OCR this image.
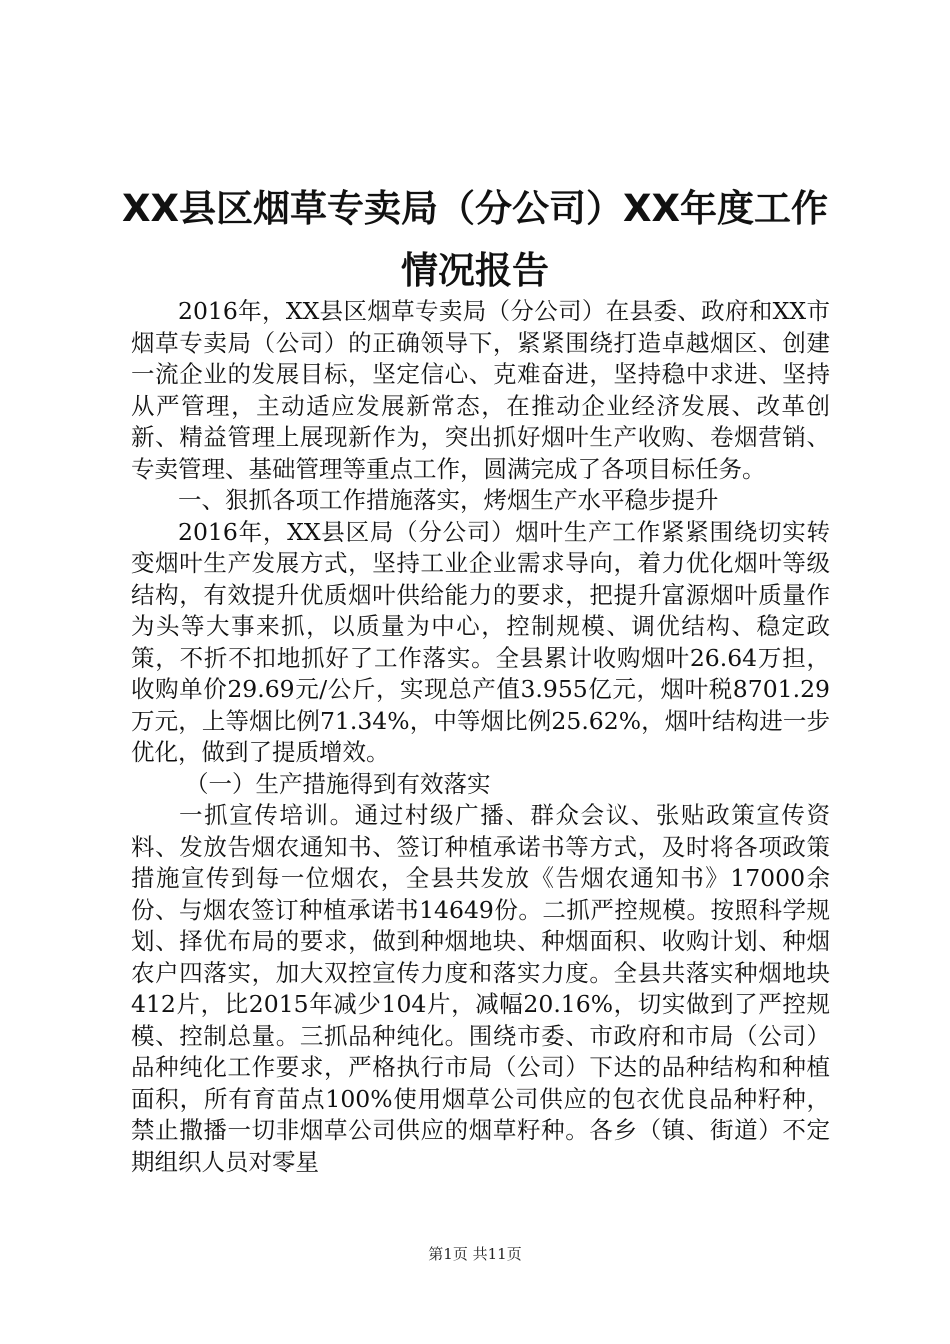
XX县区烟草专卖局（分公司）XX年度工作情况报告

2016年，XX县区烟草专卖局（分公司）在县委、政府和XX市烟草专卖局（公司）的正确领导下，紧紧围绕打造卓越烟区、创建一流企业的发展目标，坚定信心、克难奋进，坚持稳中求进、坚持从严管理，主动适应发展新常态，在推动企业经济发展、改革创新、精益管理上展现新作为，突出抓好烟叶生产收购、卷烟营销、专卖管理、基础管理等重点工作，圆满完成了各项目标任务。

一、狠抓各项工作措施落实，烤烟生产水平稳步提升

2016年，XX县区局（分公司）烟叶生产工作紧紧围绕切实转变烟叶生产发展方式，坚持工业企业需求导向，着力优化烟叶等级结构，有效提升优质烟叶供给能力的要求，把提升富源烟叶质量作为头等大事来抓，以质量为中心，控制规模、调优结构、稳定政策，不折不扣地抓好了工作落实。全县累计收购烟叶26.64万担，收购单价29.69元/公斤，实现总产值3.955亿元，烟叶税8701.29万元，上等烟比例71.34%，中等烟比例25.62%，烟叶结构进一步优化，做到了提质增效。

（一）生产措施得到有效落实

一抓宣传培训。通过村级广播、群众会议、张贴政策宣传资料、发放告烟农通知书、签订种植承诺书等方式，及时将各项政策措施宣传到每一位烟农，全县共发放《告烟农通知书》17000余份、与烟农签订种植承诺书14649份。二抓严控规模。按照科学规划、择优布局的要求，做到种烟地块、种烟面积、收购计划、种烟农户四落实，加大双控宣传力度和落实力度。全县共落实种烟地块412片，比2015年减少104片，减幅20.16%，切实做到了严控规模、控制总量。三抓品种纯化。围绕市委、市政府和市局（公司）品种纯化工作要求，严格执行市局（公司）下达的品种结构和种植面积，所有育苗点100%使用烟草公司供应的包衣优良品种籽种，禁止撒播一切非烟草公司供应的烟草籽种。各乡（镇、街道）不定期组织人员对零星

第1页 共11页
